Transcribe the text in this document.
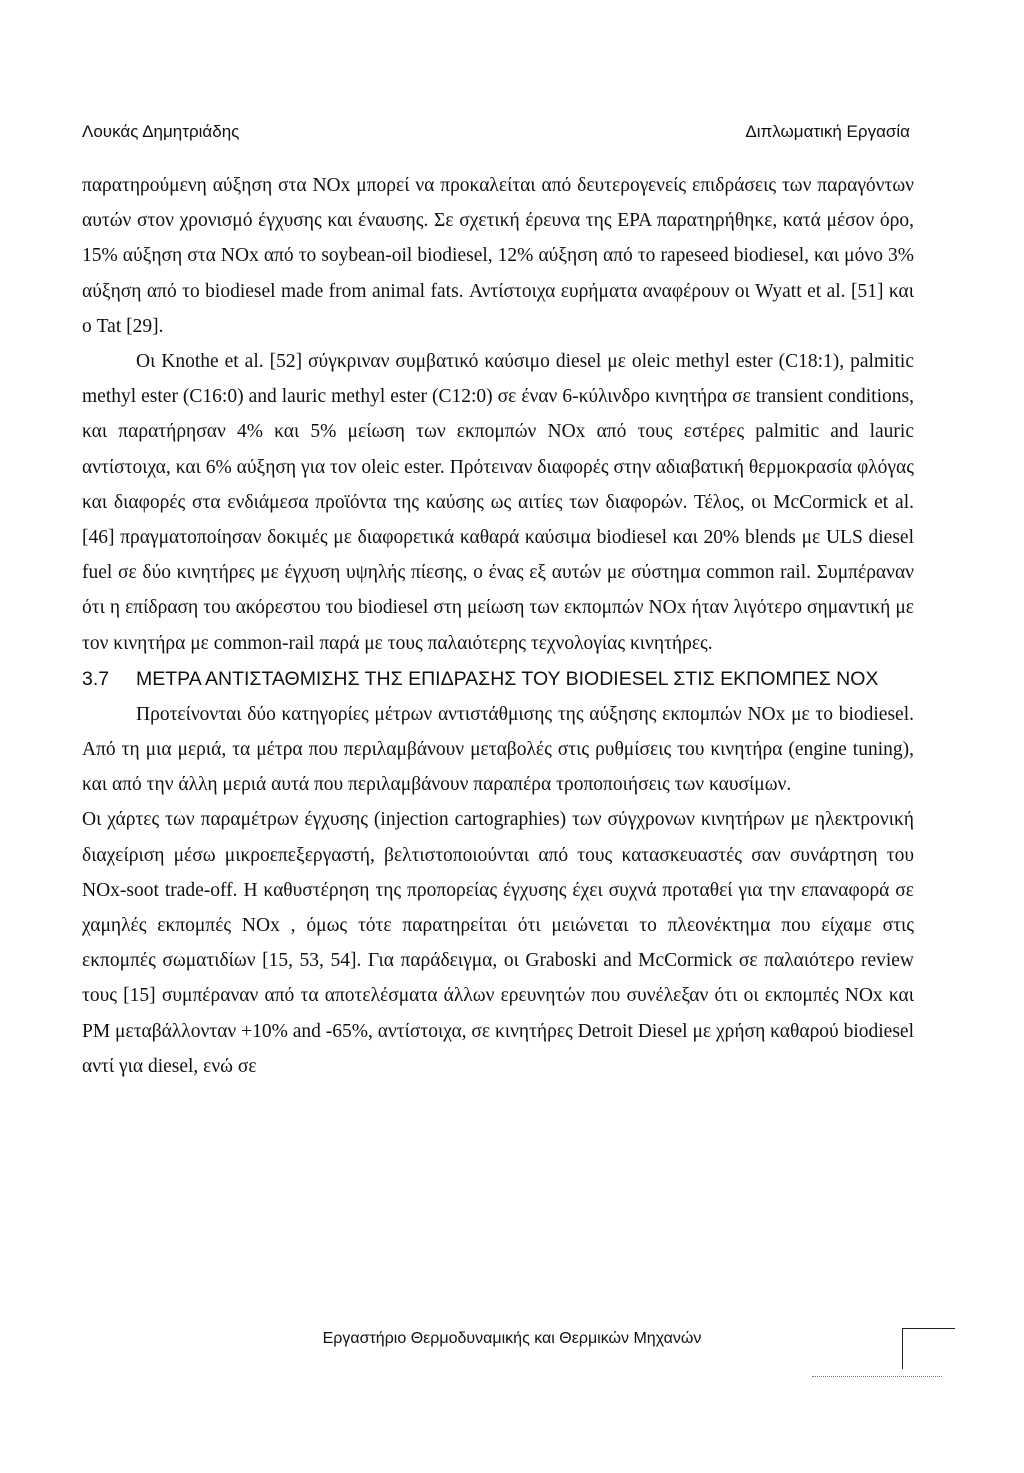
Λουκάς Δημητριάδης	Διπλωματική Εργασία

παρατηρούμενη αύξηση στα NOx μπορεί να προκαλείται από δευτερογενείς επιδράσεις των παραγόντων αυτών στον χρονισμό έγχυσης και έναυσης. Σε σχετική έρευνα της EPA παρατηρήθηκε, κατά μέσον όρο, 15% αύξηση στα NOx από το soybean-oil biodiesel, 12% αύξηση από το rapeseed biodiesel, και μόνο 3% αύξηση από το biodiesel made from animal fats. Αντίστοιχα ευρήματα αναφέρουν οι Wyatt et al. [51] και ο Tat [29].

Οι Knothe et al. [52] σύγκριναν συμβατικό καύσιμο diesel με oleic methyl ester (C18:1), palmitic methyl ester (C16:0) and lauric methyl ester (C12:0) σε έναν 6-κύλινδρο κινητήρα σε transient conditions, και παρατήρησαν 4% και 5% μείωση των εκπομπών NOx από τους εστέρες palmitic and lauric αντίστοιχα, και 6% αύξηση για τον oleic ester. Πρότειναν διαφορές στην αδιαβατική θερμοκρασία φλόγας και διαφορές στα ενδιάμεσα προϊόντα της καύσης ως αιτίες των διαφορών. Τέλος, οι McCormick et al. [46] πραγματοποίησαν δοκιμές με διαφορετικά καθαρά καύσιμα biodiesel και 20% blends με ULS diesel fuel σε δύο κινητήρες με έγχυση υψηλής πίεσης, ο ένας εξ αυτών με σύστημα common rail. Συμπέραναν ότι η επίδραση του ακόρεστου του biodiesel στη μείωση των εκπομπών NOx ήταν λιγότερο σημαντική με τον κινητήρα με common-rail παρά με τους παλαιότερης τεχνολογίας κινητήρες.

3.7	ΜΕΤΡΑ ΑΝΤΙΣΤΑΘΜΙΣΗΣ ΤΗΣ ΕΠΙΔΡΑΣΗΣ ΤΟΥ BIODIESEL ΣΤΙΣ ΕΚΠΟΜΠΕΣ NOX

Προτείνονται δύο κατηγορίες μέτρων αντιστάθμισης της αύξησης εκπομπών NOx με το biodiesel. Από τη μια μεριά, τα μέτρα που περιλαμβάνουν μεταβολές στις ρυθμίσεις του κινητήρα (engine tuning), και από την άλλη μεριά αυτά που περιλαμβάνουν παραπέρα τροποποιήσεις των καυσίμων.

Οι χάρτες των παραμέτρων έγχυσης (injection cartographies) των σύγχρονων κινητήρων με ηλεκτρονική διαχείριση μέσω μικροεπεξεργαστή, βελτιστοποιούνται από τους κατασκευαστές σαν συνάρτηση του NOx-soot trade-off. Η καθυστέρηση της προπορείας έγχυσης έχει συχνά προταθεί για την επαναφορά σε χαμηλές εκπομπές NOx , όμως τότε παρατηρείται ότι μειώνεται το πλεονέκτημα που είχαμε στις εκπομπές σωματιδίων [15, 53, 54]. Για παράδειγμα, οι Graboski and McCormick σε παλαιότερο review τους [15] συμπέραναν από τα αποτελέσματα άλλων ερευνητών που συνέλεξαν ότι οι εκπομπές NOx και PM μεταβάλλονταν +10% and -65%, αντίστοιχα, σε κινητήρες Detroit Diesel με χρήση καθαρού biodiesel αντί για diesel, ενώ σε

Εργαστήριο Θερμοδυναμικής και Θερμικών Μηχανών
